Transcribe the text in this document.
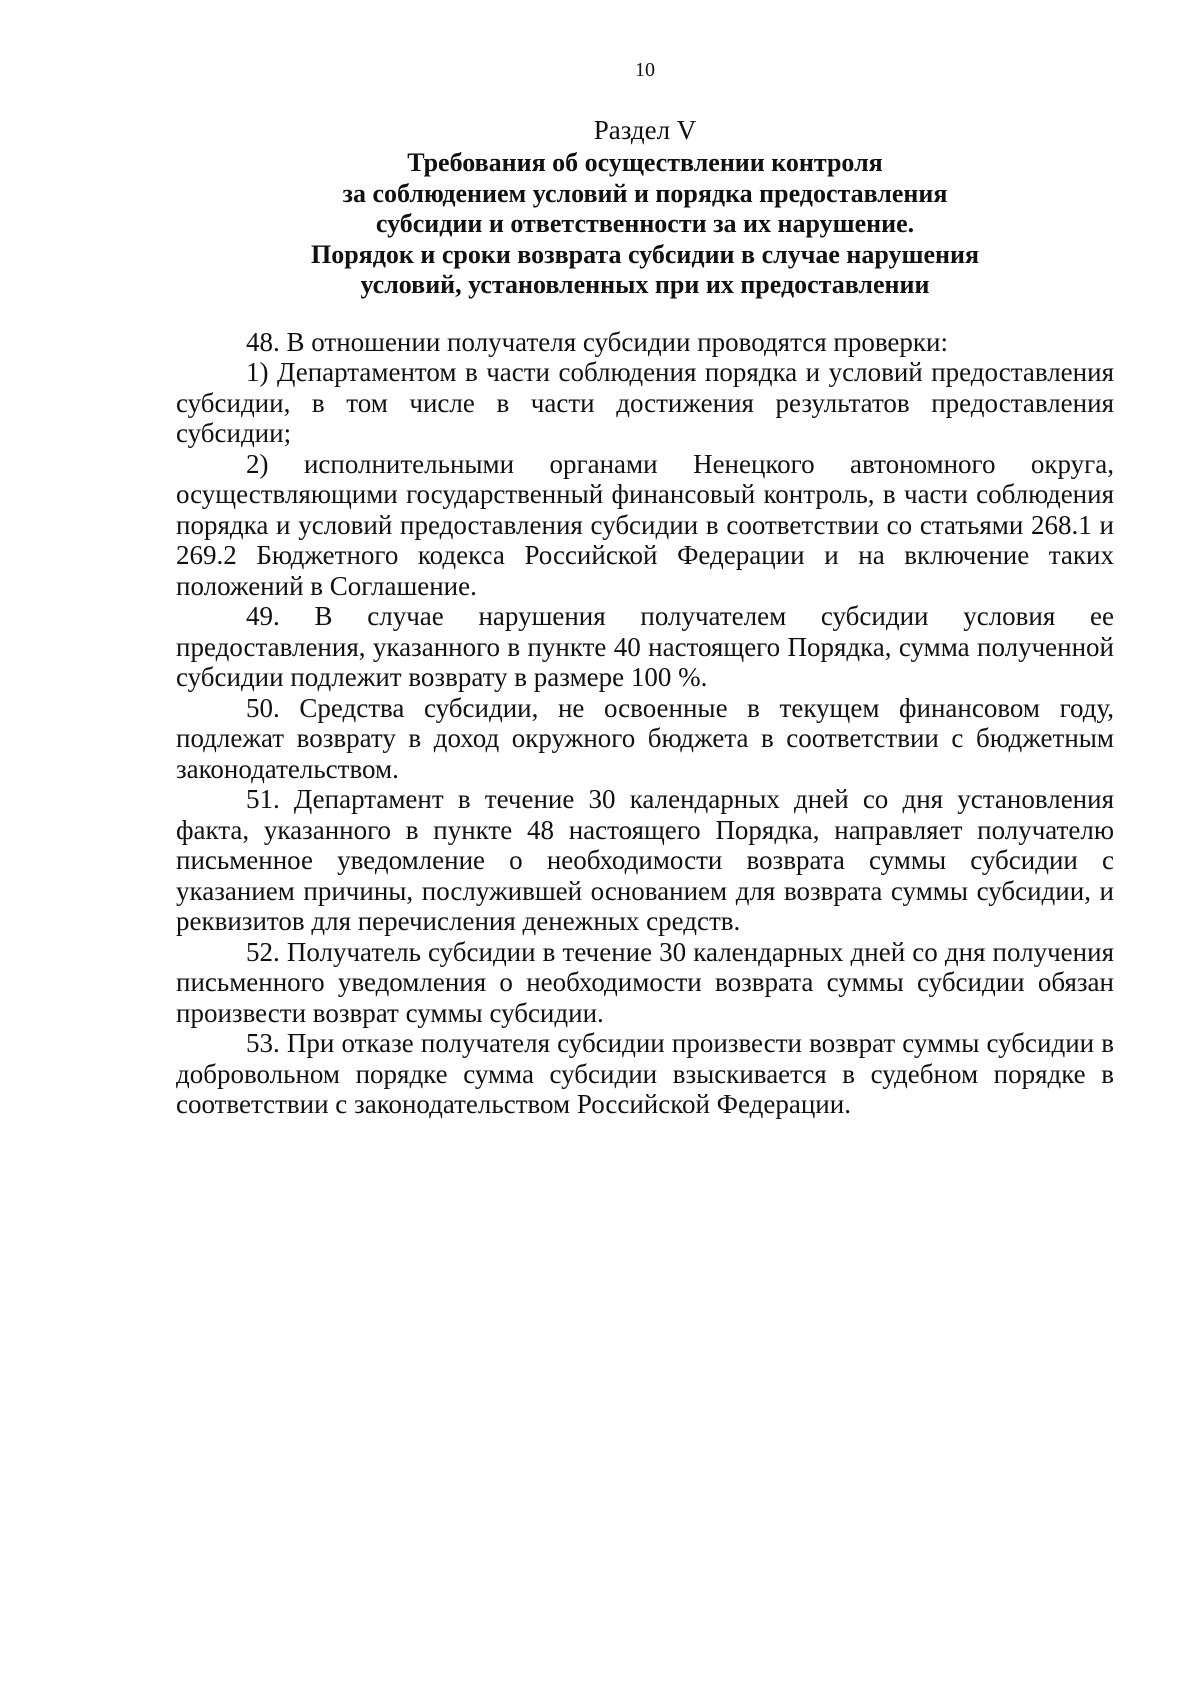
10
Раздел V
Требования об осуществлении контроля
за соблюдением условий и порядка предоставления
субсидии и ответственности за их нарушение.
Порядок и сроки возврата субсидии в случае нарушения
условий, установленных при их предоставлении

48. В отношении получателя субсидии проводятся проверки:

1) Департаментом в части соблюдения порядка и условий предоставления субсидии, в том числе в части достижения результатов предоставления субсидии;

2) исполнительными органами Ненецкого автономного округа, осуществляющими государственный финансовый контроль, в части соблюдения порядка и условий предоставления субсидии в соответствии со статьями 268.1 и 269.2 Бюджетного кодекса Российской Федерации и на включение таких положений в Соглашение.

49. В случае нарушения получателем субсидии условия ее предоставления, указанного в пункте 40 настоящего Порядка, сумма полученной субсидии подлежит возврату в размере 100 %.

50. Средства субсидии, не освоенные в текущем финансовом году, подлежат возврату в доход окружного бюджета в соответствии с бюджетным законодательством.

51. Департамент в течение 30 календарных дней со дня установления факта, указанного в пункте 48 настоящего Порядка, направляет получателю письменное уведомление о необходимости возврата суммы субсидии с указанием причины, послужившей основанием для возврата суммы субсидии, и реквизитов для перечисления денежных средств.

52. Получатель субсидии в течение 30 календарных дней со дня получения письменного уведомления о необходимости возврата суммы субсидии обязан произвести возврат суммы субсидии.

53. При отказе получателя субсидии произвести возврат суммы субсидии в добровольном порядке сумма субсидии взыскивается в судебном порядке в соответствии с законодательством Российской Федерации.
